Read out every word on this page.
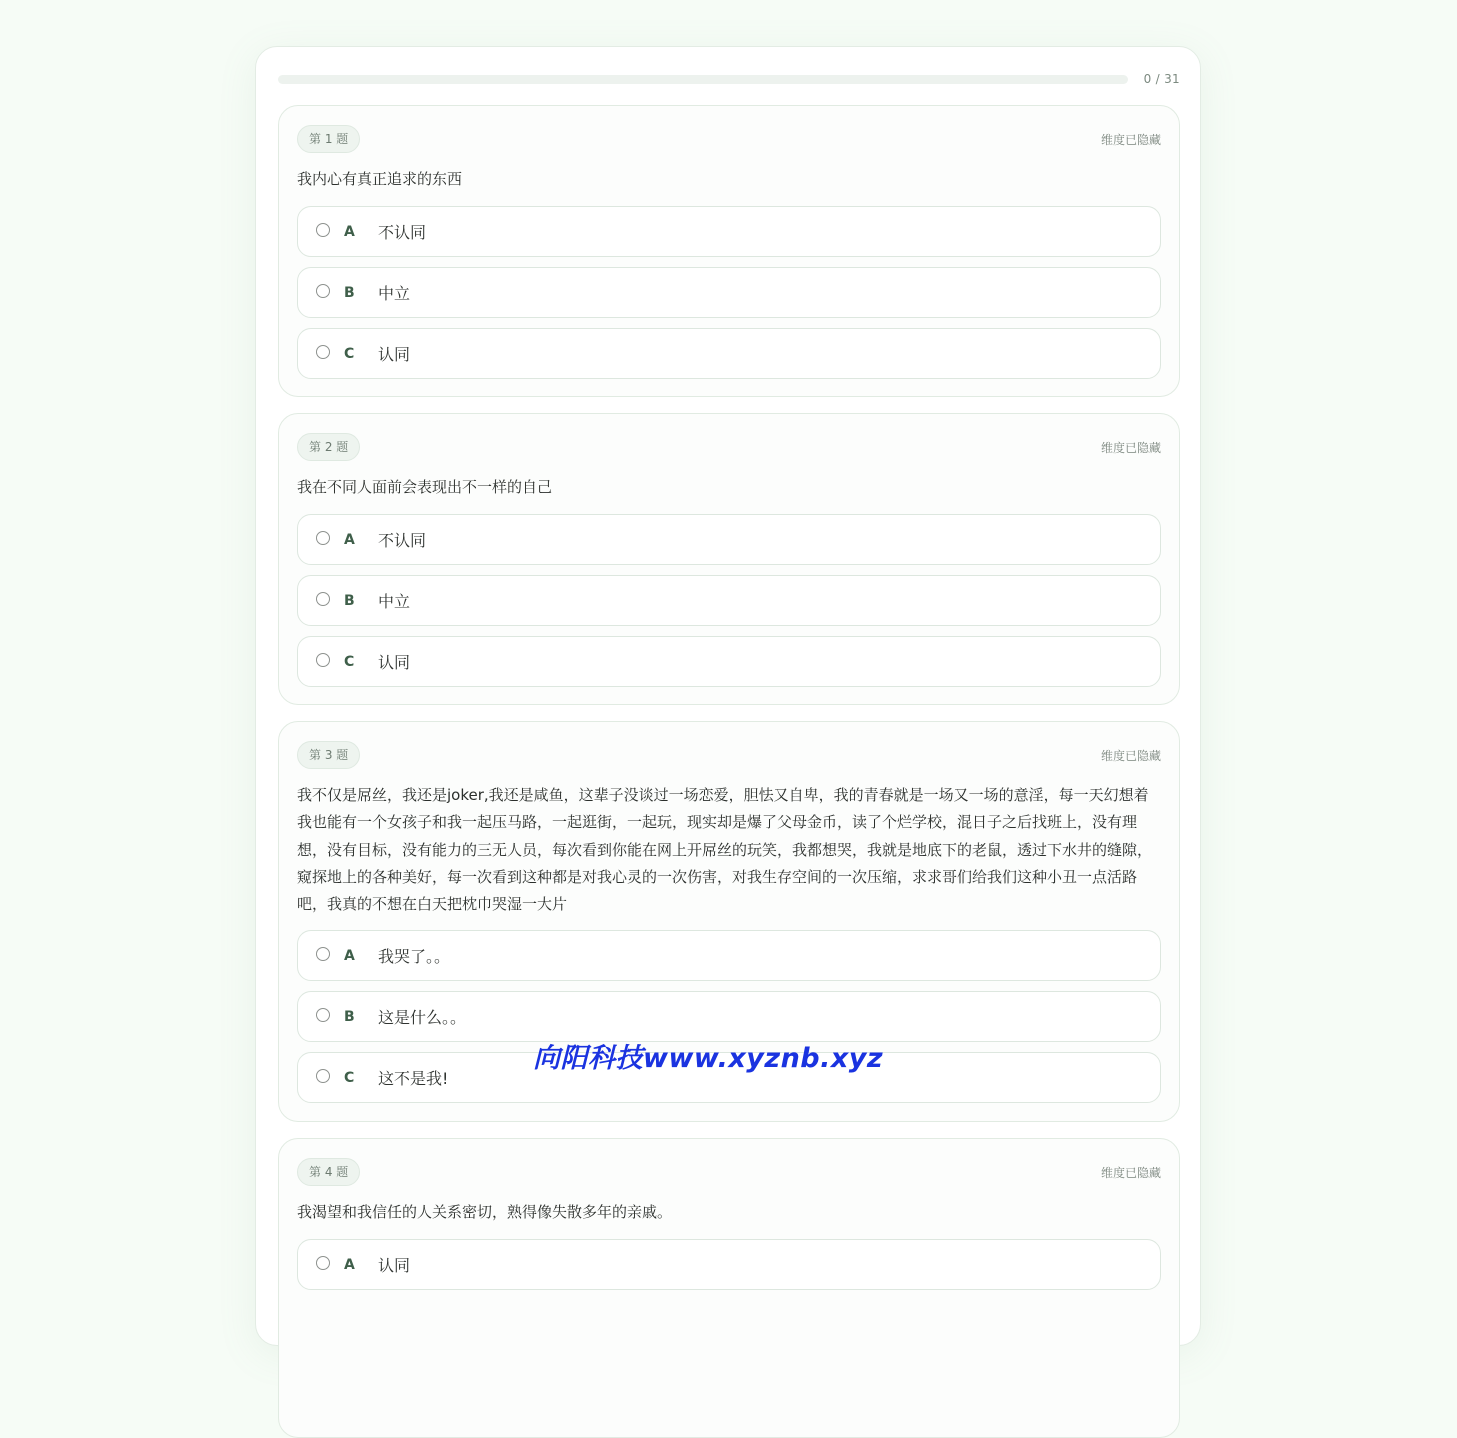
0 / 31
第 1 题	维度已隐藏
我内心有真正追求的东西
A	不认同
B	中立
C	认同
第 2 题	维度已隐藏
我在不同人面前会表现出不一样的自己
A	不认同
B	中立
C	认同
第 3 题	维度已隐藏
我不仅是屌丝，我还是joker,我还是咸鱼，这辈子没谈过一场恋爱，胆怯又自卑，我的青春就是一场又一场的意淫，每一天幻想着我也能有一个女孩子和我一起压马路，一起逛街，一起玩，现实却是爆了父母金币，读了个烂学校，混日子之后找班上，没有理想，没有目标，没有能力的三无人员，每次看到你能在网上开屌丝的玩笑，我都想哭，我就是地底下的老鼠，透过下水井的缝隙，窥探地上的各种美好，每一次看到这种都是对我心灵的一次伤害，对我生存空间的一次压缩，求求哥们给我们这种小丑一点活路吧，我真的不想在白天把枕巾哭湿一大片
A	我哭了。。
B	这是什么。。
C	这不是我!
第 4 题	维度已隐藏
我渴望和我信任的人关系密切，熟得像失散多年的亲戚。
A	认同
向阳科技www.xyznb.xyz
